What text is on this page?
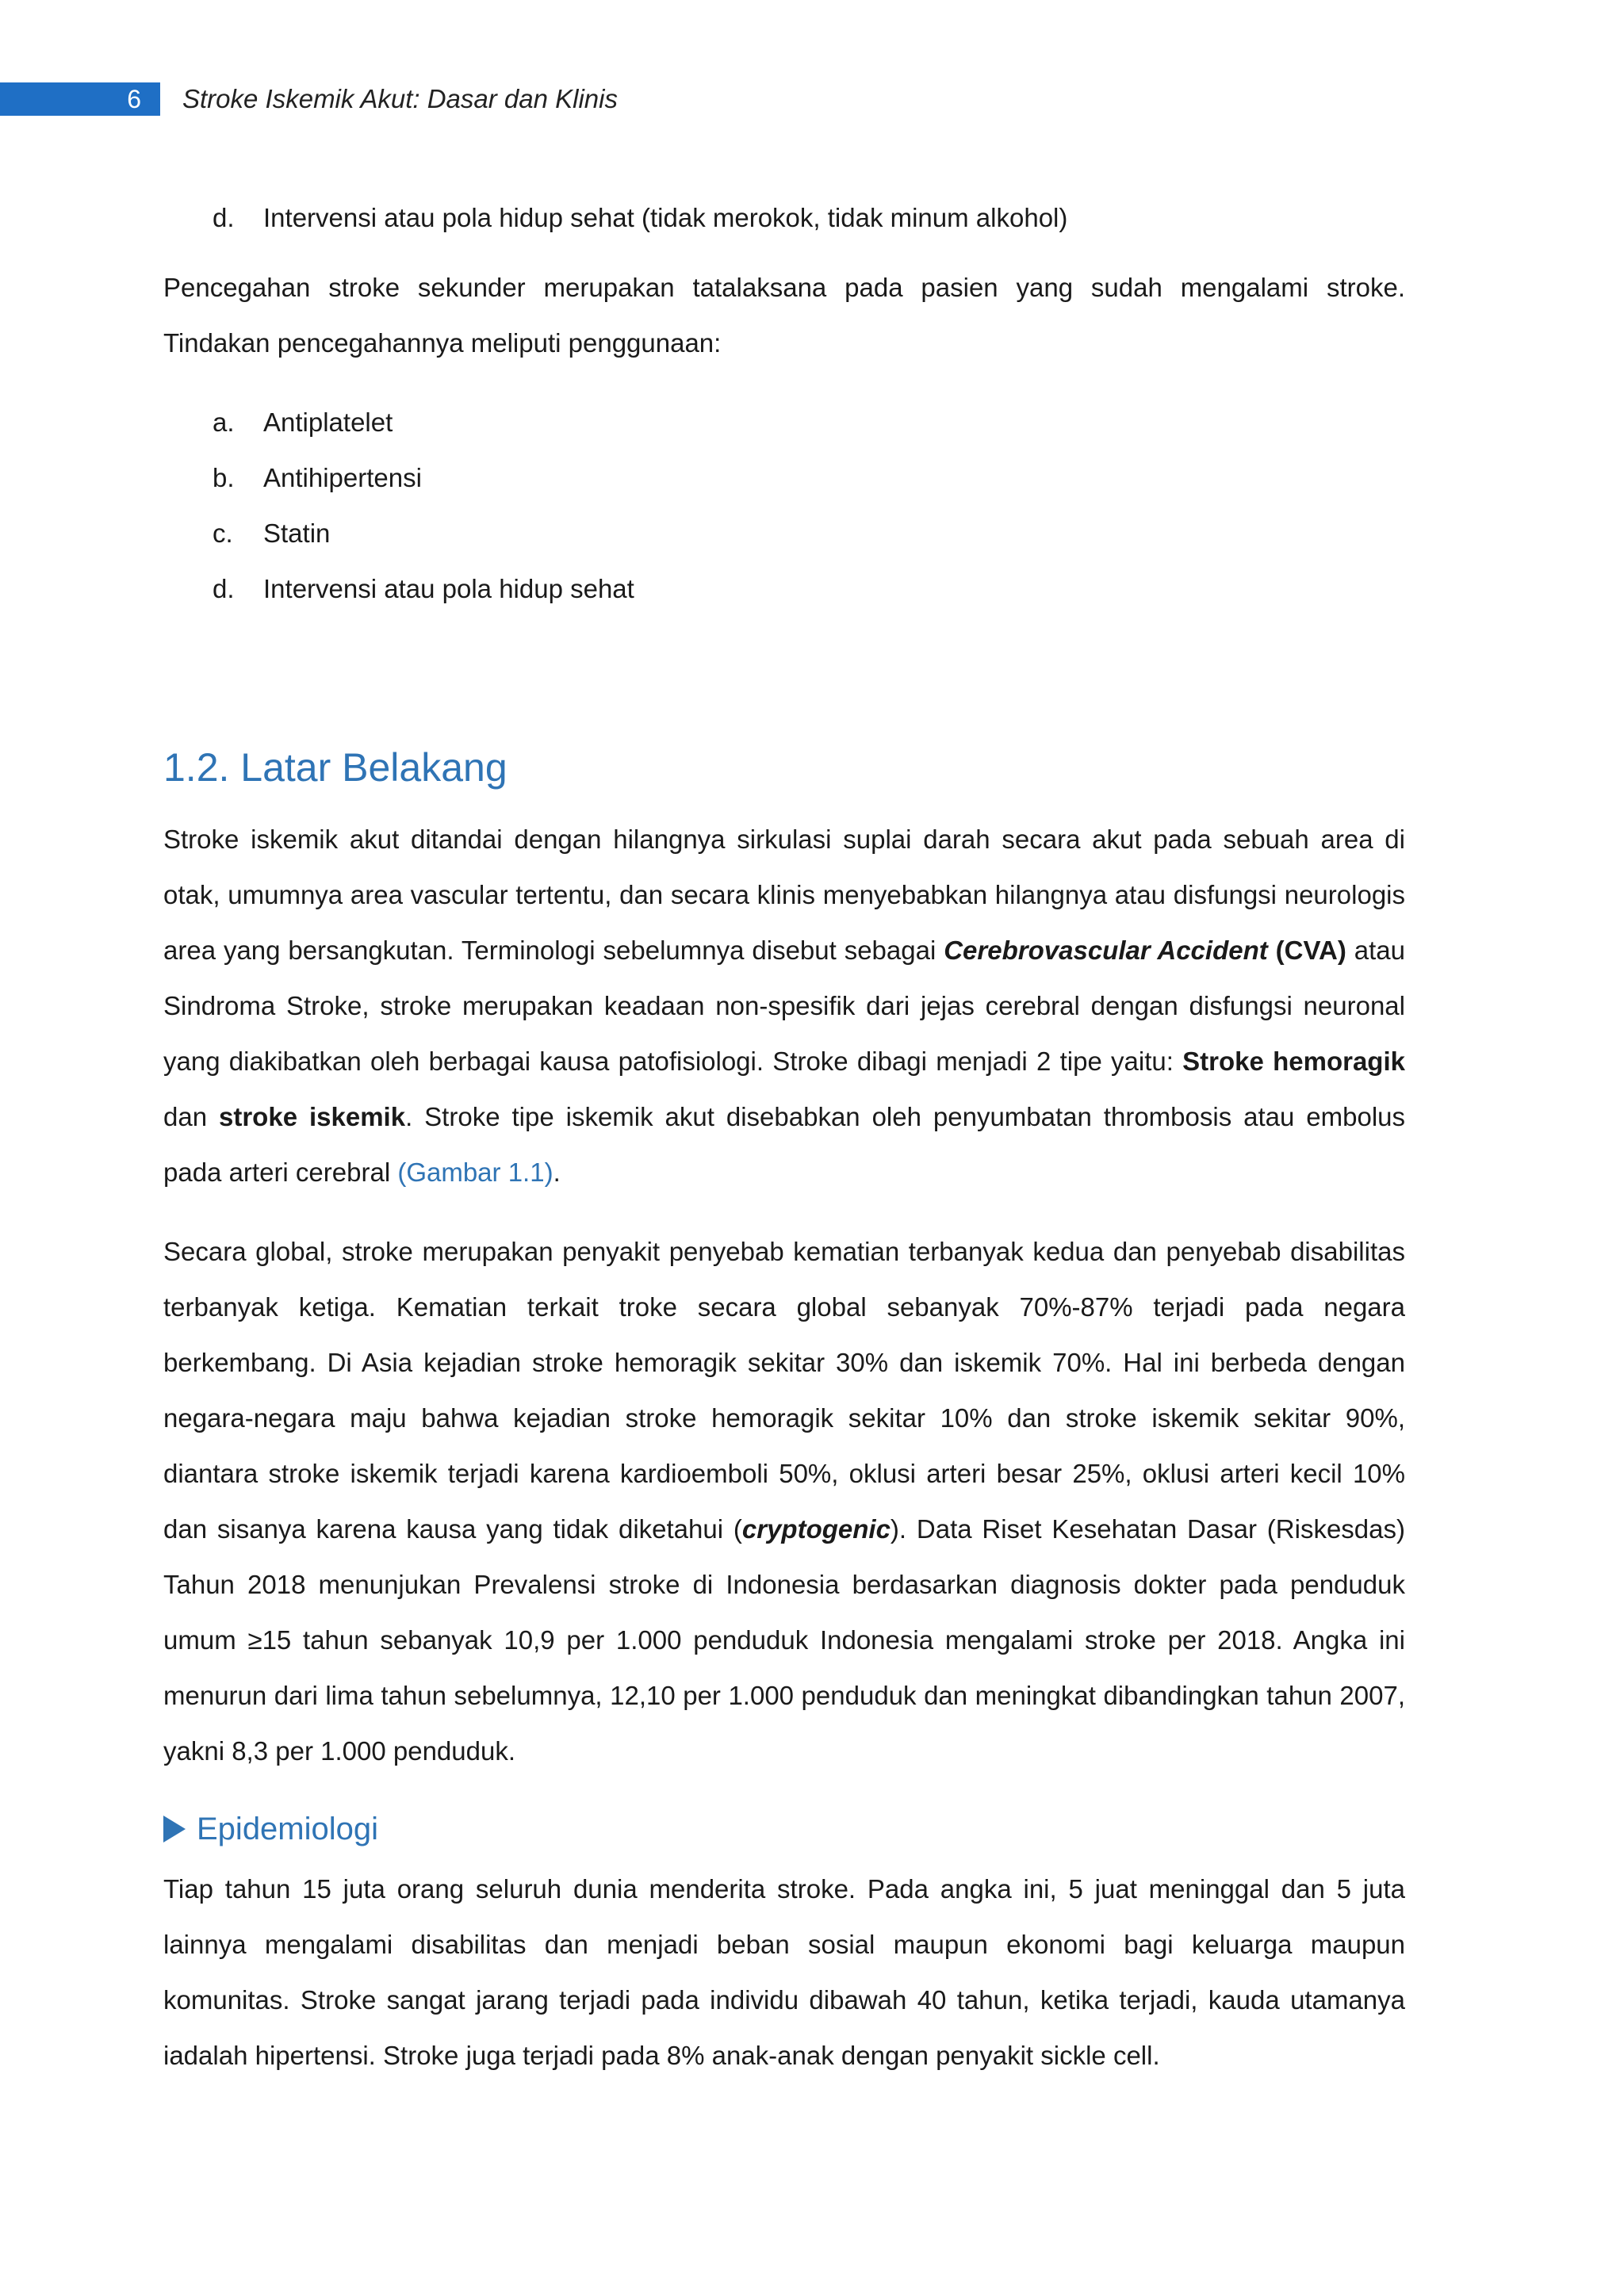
6 Stroke Iskemik Akut: Dasar dan Klinis
d.	Intervensi atau pola hidup sehat (tidak merokok, tidak minum alkohol)

Pencegahan stroke sekunder merupakan tatalaksana pada pasien yang sudah mengalami stroke. Tindakan pencegahannya meliputi penggunaan:

a.	Antiplatelet
b.	Antihipertensi
c.	Statin
d.	Intervensi atau pola hidup sehat
1.2. Latar Belakang

Stroke iskemik akut ditandai dengan hilangnya sirkulasi suplai darah secara akut pada sebuah area di otak, umumnya area vascular tertentu, dan secara klinis menyebabkan hilangnya atau disfungsi neurologis area yang bersangkutan. Terminologi sebelumnya disebut sebagai Cerebrovascular Accident (CVA) atau Sindroma Stroke, stroke merupakan keadaan non-spesifik dari jejas cerebral dengan disfungsi neuronal yang diakibatkan oleh berbagai kausa patofisiologi. Stroke dibagi menjadi 2 tipe yaitu: Stroke hemoragik dan stroke iskemik. Stroke tipe iskemik akut disebabkan oleh penyumbatan thrombosis atau embolus pada arteri cerebral (Gambar 1.1).

Secara global, stroke merupakan penyakit penyebab kematian terbanyak kedua dan penyebab disabilitas terbanyak ketiga. Kematian terkait troke secara global sebanyak 70%-87% terjadi pada negara berkembang. Di Asia kejadian stroke hemoragik sekitar 30% dan iskemik 70%. Hal ini berbeda dengan negara-negara maju bahwa kejadian stroke hemoragik sekitar 10% dan stroke iskemik sekitar 90%, diantara stroke iskemik terjadi karena kardioemboli 50%, oklusi arteri besar 25%, oklusi arteri kecil 10% dan sisanya karena kausa yang tidak diketahui (cryptogenic). Data Riset Kesehatan Dasar (Riskesdas) Tahun 2018 menunjukan Prevalensi stroke di Indonesia berdasarkan diagnosis dokter pada penduduk umum ≥15 tahun sebanyak 10,9 per 1.000 penduduk Indonesia mengalami stroke per 2018. Angka ini menurun dari lima tahun sebelumnya, 12,10 per 1.000 penduduk dan meningkat dibandingkan tahun 2007, yakni 8,3 per 1.000 penduduk.

Epidemiologi

Tiap tahun 15 juta orang seluruh dunia menderita stroke. Pada angka ini, 5 juat meninggal dan 5 juta lainnya mengalami disabilitas dan menjadi beban sosial maupun ekonomi bagi keluarga maupun komunitas. Stroke sangat jarang terjadi pada individu dibawah 40 tahun, ketika terjadi, kauda utamanya iadalah hipertensi. Stroke juga terjadi pada 8% anak-anak dengan penyakit sickle cell.
